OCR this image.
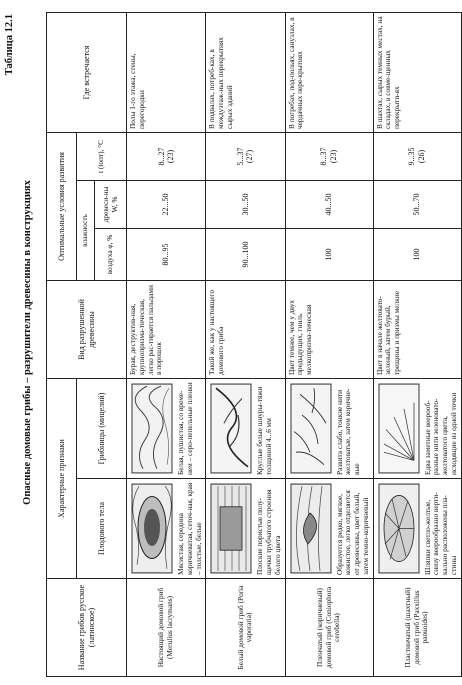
Таблица 12.1
Опасные домовые грибы – разрушители древесины в конструкциях
Название грибов русское (латинское)	Характерные признаки		Вид разрушенной древесины	Оптимальные условия развития			Где встречается
	Плодового тела	Грибницы (мицелий)		влажность		t (tопт), °С	
				воздуха φ, %	древеси-ны W, %		
Настоящий домовой гриб (Merulius lacrymans)	Мясистая, середина коричневатая, сеточ-ная, края – толстые, белые	Белая, пушистая, со време-нем – серо-пепельные пленки	Бурая, деструктив-ная, крупнопризма-тическая, легко рас-тирается пальцами в порошок	80...95	22...50	8...27 (23)	Полы 1-го этажа, стены, перегородки
Белый домовой гриб (Poria vaporaria)	Плоские пористые полу-щечки трубчатого строения белого цвета	Круглые белые шнуры-тяжи толщиной 4...6 мм	Такой же, как у настоящего домового гриба	90...100	30...50	5...37 (27)	В подвалах, потреб-ках, в междуэтаж-ных перекрытиях сырых зданий
Пленчатый (коричневый) домовой гриб (Coniophora cerebella)	Образуется редко, мягкое, кожистое, легко отделяется от древесины, цвет белый, затем темно-коричневый	Развита слабо, тонкие нити желтоватые, затем коричне-вые	Цвет темнее, чем у двух предыдущих, гниль мелкопризма-тическая	100	40...50	8...37 (23)	В погребах, под-польях, санузлах, в чердачных пере-крытиях
Пластинчатый (шахтный) домовой гриб (Paxxillus panuoides)	Шляпки светло-желтые, снизу веерообразно верти-кально расположены пла-стины	Едва заметные веерооб-разные нити зеленовато-желтоватого цвета, исходящие из одной точки	Цвет в начале желтовато-зеленый, затем бурый, трещины и призмы мелкие	100	50...70	9...35 (26)	В шахтах, сырых темных местах, на складах, в совме-щенных перекрыти-ях
